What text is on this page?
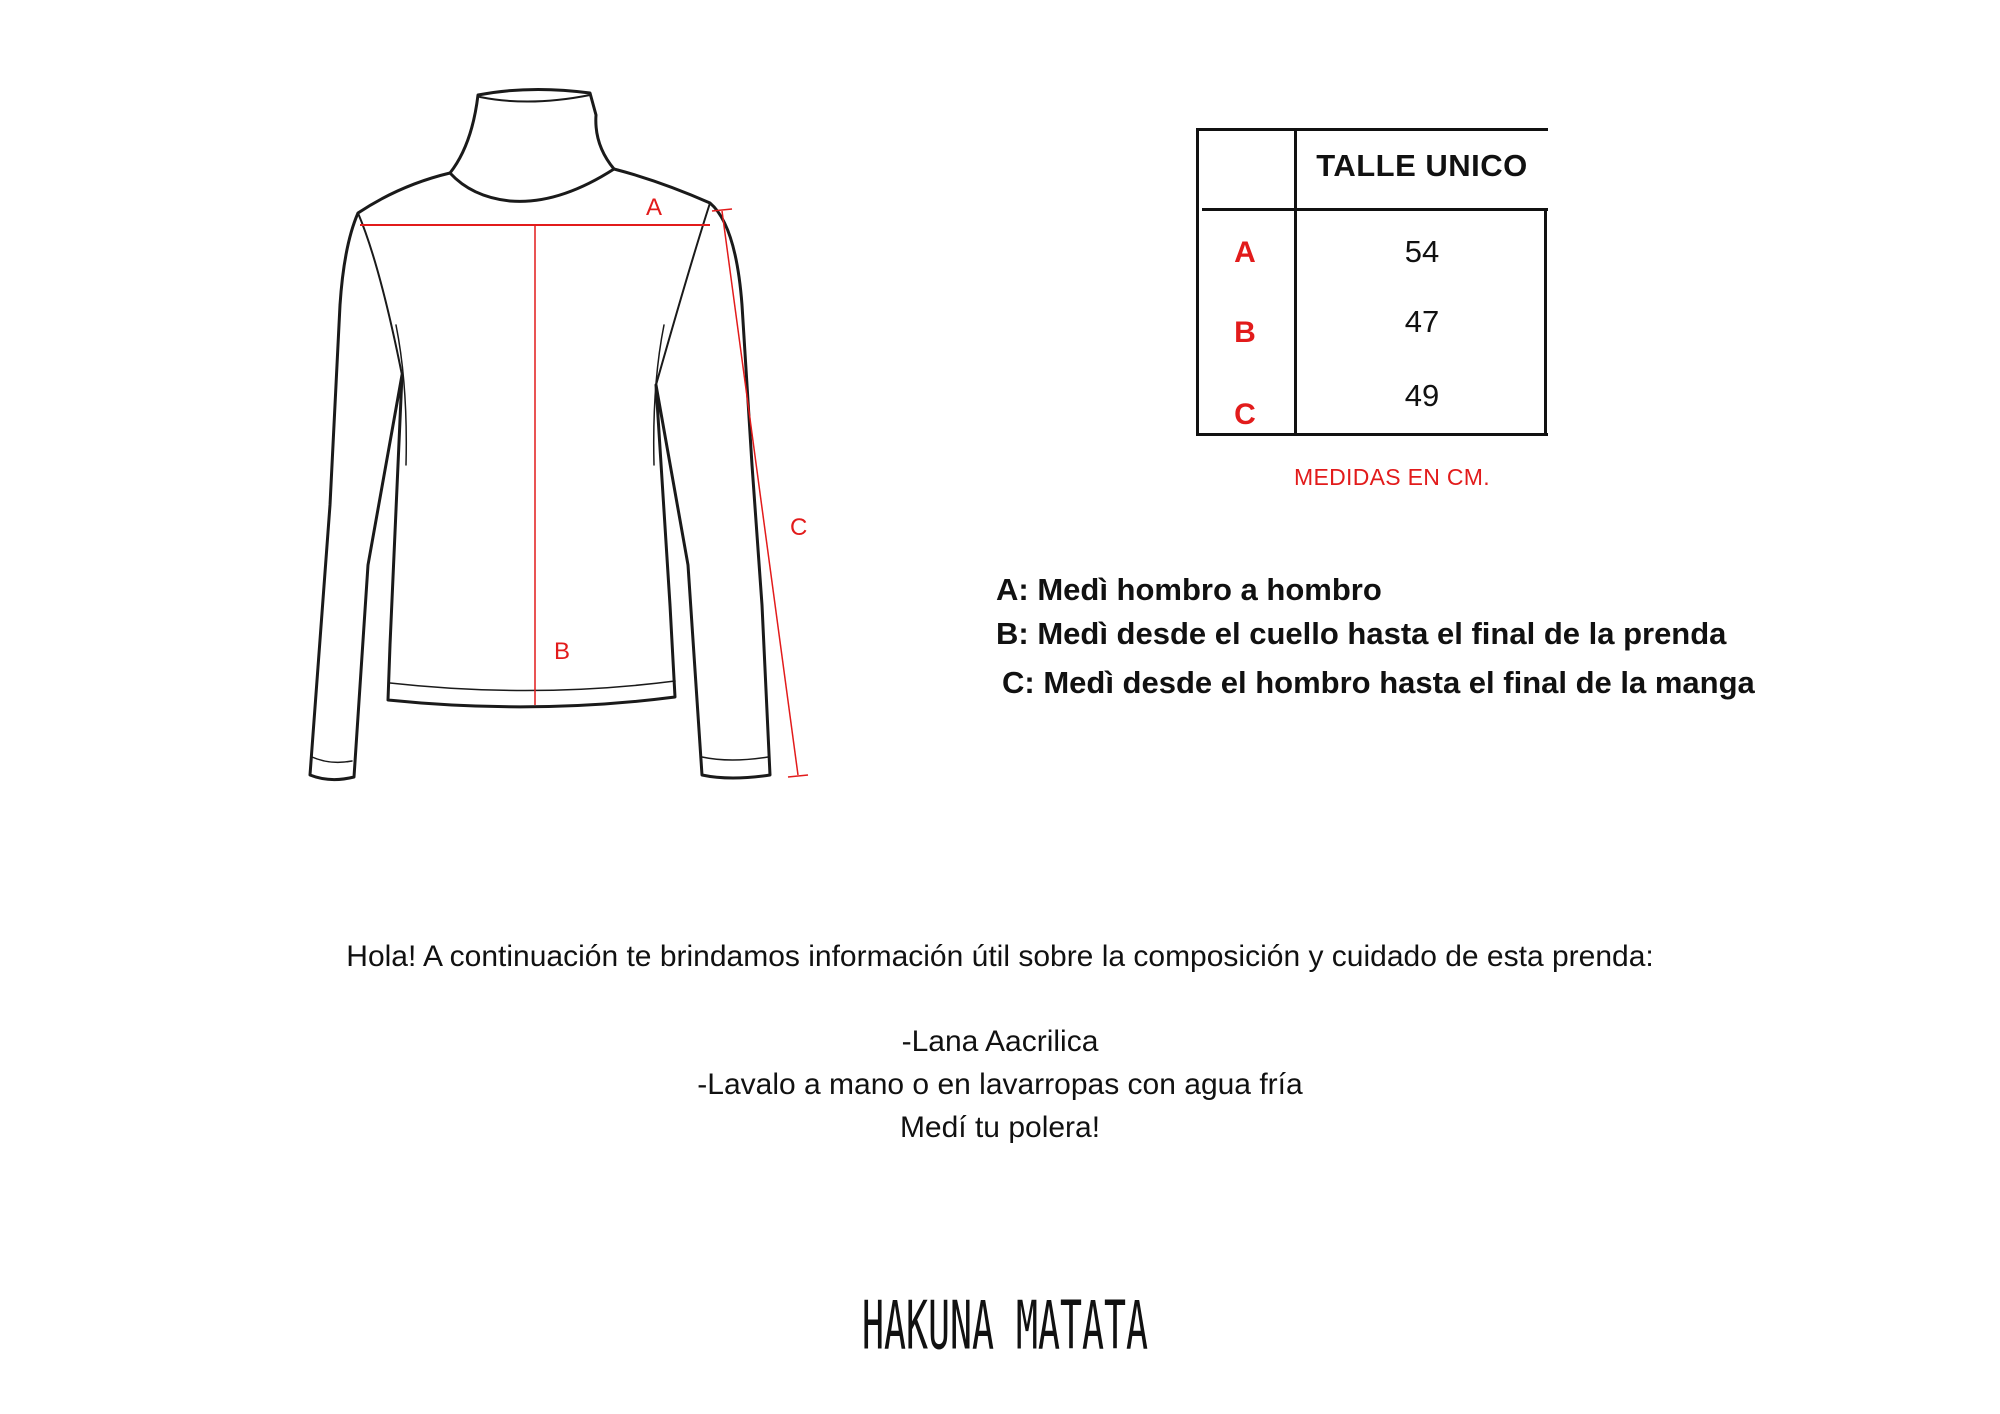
A
B
C
TALLE UNICO
A	54
B	47
C
49
MEDIDAS EN CM.
A: Medì hombro a hombro
B: Medì desde el cuello hasta el final de la prenda
C: Medì desde el hombro hasta el final de la manga
Hola! A continuación te brindamos información útil sobre la composición y cuidado de esta prenda:
-Lana Aacrilica
-Lavalo a mano o en lavarropas con agua fría
Medí tu polera!
HAKUNA MATATA
